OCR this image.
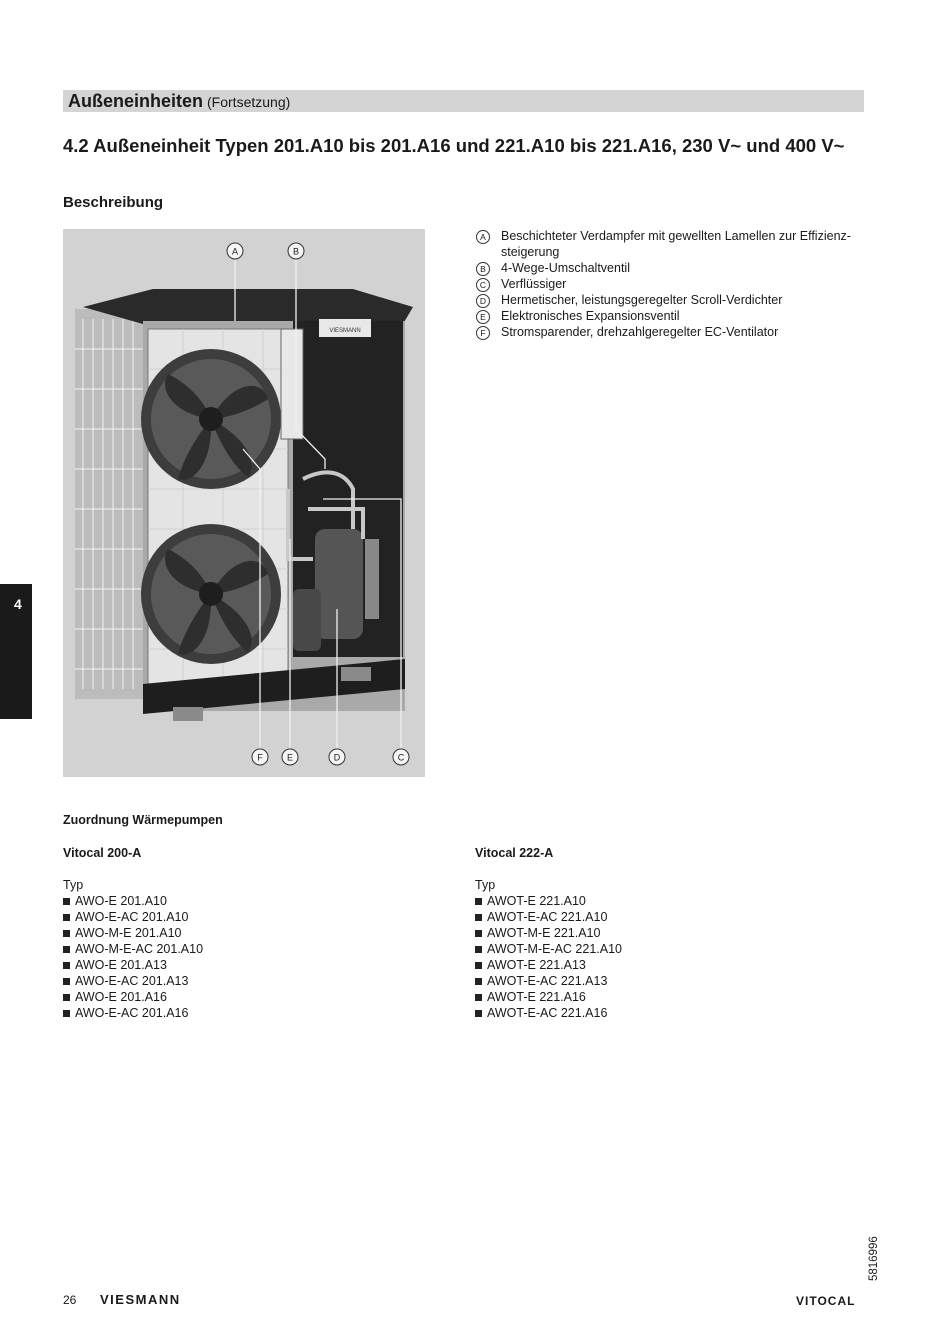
Außeneinheiten (Fortsetzung)
4.2 Außeneinheit Typen 201.A10 bis 201.A16 und 221.A10 bis 221.A16, 230 V~ und 400 V~
Beschreibung
4
VIESMANN
A	B
F	E	D	C
A	Beschichteter Verdampfer mit gewellten Lamellen zur Effizienz-steigerung
B	4-Wege-Umschaltventil
C	Verflüssiger
D	Hermetischer, leistungsgeregelter Scroll-Verdichter
E	Elektronisches Expansionsventil
F	Stromsparender, drehzahlgeregelter EC-Ventilator
Zuordnung Wärmepumpen
Vitocal 200-A
Typ
AWO-E 201.A10
AWO-E-AC 201.A10
AWO-M-E 201.A10
AWO-M-E-AC 201.A10
AWO-E 201.A13
AWO-E-AC 201.A13
AWO-E 201.A16
AWO-E-AC 201.A16
Vitocal 222-A
Typ
AWOT-E 221.A10
AWOT-E-AC 221.A10
AWOT-M-E 221.A10
AWOT-M-E-AC 221.A10
AWOT-E 221.A13
AWOT-E-AC 221.A13
AWOT-E 221.A16
AWOT-E-AC 221.A16
5816996
26 VIESMANN	VITOCAL
